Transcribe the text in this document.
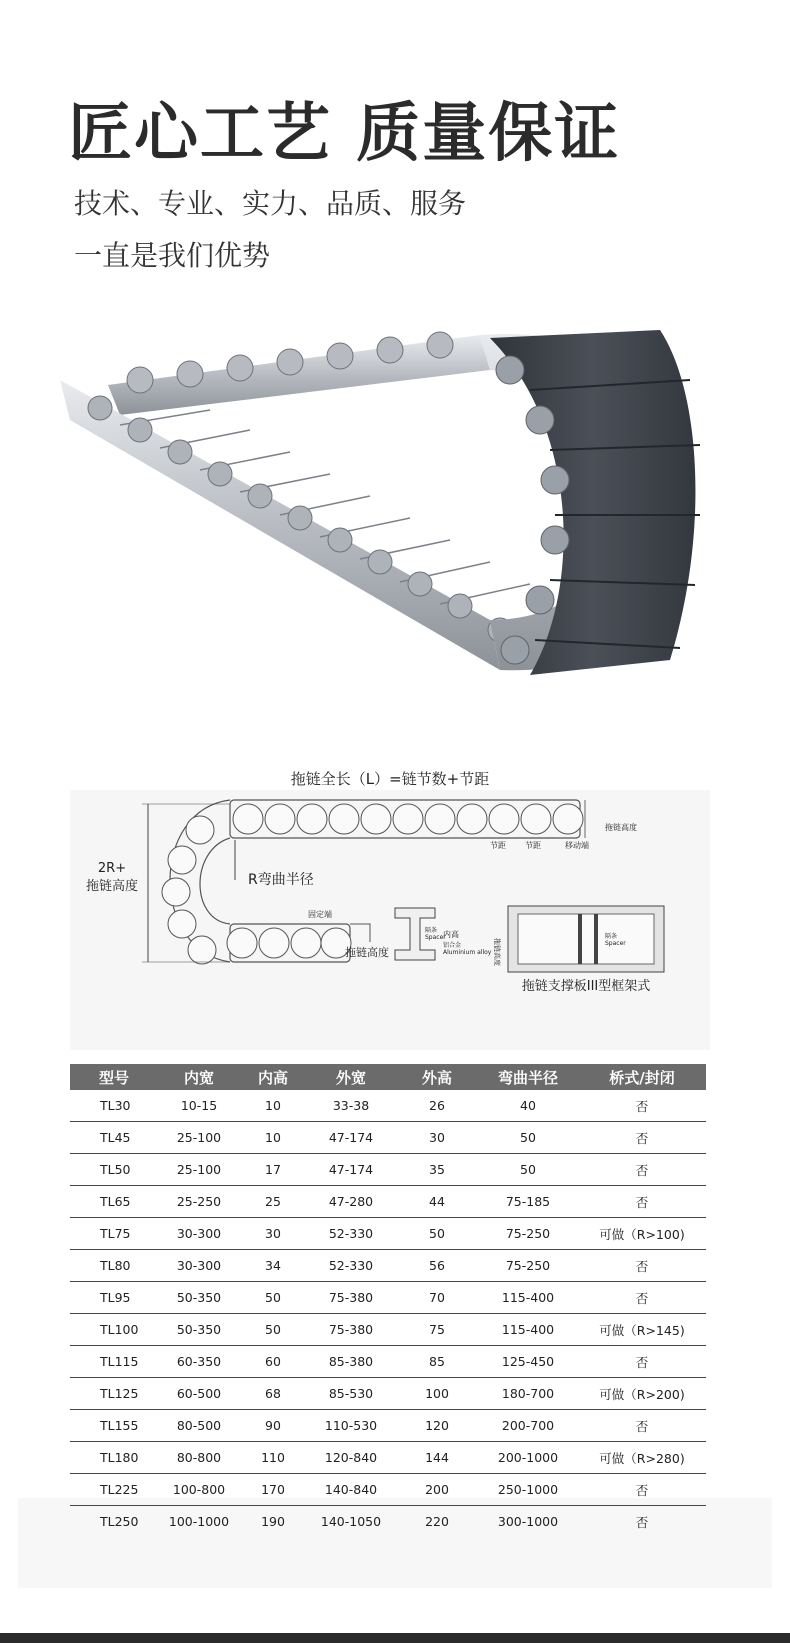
匠心工艺 质量保证
技术、专业、实力、品质、服务
一直是我们优势
拖链全长（L）=链节数+节距
2R+
拖链高度	R弯曲半径
固定端
拖链高度
节距 节距	移动端
拖链高度
隔条
Spacer
内高
铝合金
Aluminium alloy 拖链高度
隔条
Spacer
拖链支撑板III型框架式
型号	内宽	内高	外宽	外高	弯曲半径	桥式/封闭
TL30	10-15	10	33-38	26	40	否
TL45	25-100	10	47-174	30	50	否
TL50	25-100	17	47-174	35	50	否
TL65	25-250	25	47-280	44	75-185	否
TL75	30-300	30	52-330	50	75-250	可做（R>100)
TL80	30-300	34	52-330	56	75-250	否
TL95	50-350	50	75-380	70	115-400	否
TL100	50-350	50	75-380	75	115-400	可做（R>145)
TL115	60-350	60	85-380	85	125-450	否
TL125	60-500	68	85-530	100	180-700	可做（R>200)
TL155	80-500	90	110-530	120	200-700	否
TL180	80-800	110	120-840	144	200-1000	可做（R>280)
TL225	100-800	170	140-840	200	250-1000	否
TL250	100-1000	190	140-1050	220	300-1000	否
